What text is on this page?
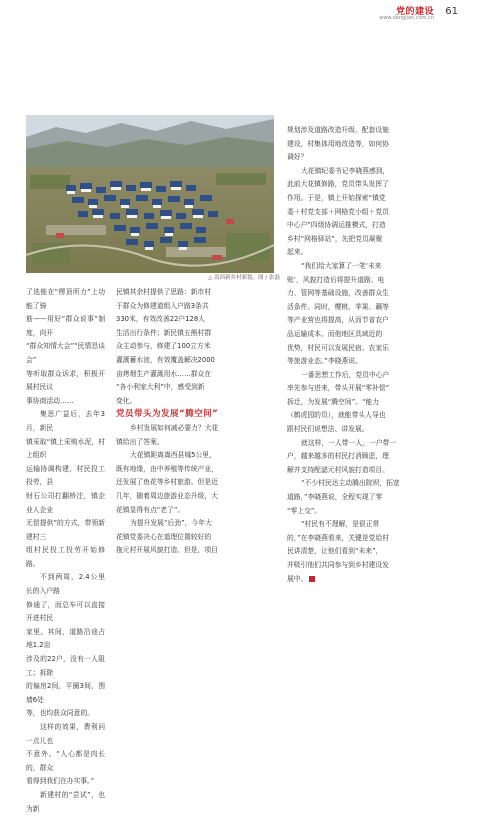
党的建设
www.dangjian.com.cn
61
△ 嵩西新乡村新貌。图 / 张磊

了选能在“楞顶所力”上功能了骑

筋——用好“群众说事”制度，向开

“群众知情大会”“民情恳谈会”

等听取群众诉求，积极开展村民议

事协商活动……

集思广益后，去年3月，新民

镇采取“镇上采购水泥，村上组织

运输协调构建，村民投工投劳，县

财石公司打翻桥注，镇企业人企业

无偿提供”的方式，带领新建村三

组村民投工投劳开始修路。

不到两周，2.4公里长的入户路

修通了，而总车可以直接开进村民

家里。其间，道路沿途占地1.2亩

涉及的22户，没有一人阻工；拆除

的偏房2间，平圈3间，围墙6处

等，也均获众同意的。

这样的效果，费利问一点儿也

不意外。“人心都是肉长的，群众

看得到我们在办实事。”

新建村的“尝试”，也为新

民镇其余村提供了思路：新市村

于群众为修建道组入户路3条共

330米，有效改善22户128人

生活出行条件；新民镇五熊村群

众主动参与，修建了100立方米

灌溉蓄水池，有效覆盖解决2000

亩烤烟生产灌溉用水……群众在

“各小利家大利”中，感受到新

变化。

党员带头为发展“腾空间”

乡村发展如何减必要力？大花

镇给出了答案。

大花镇距离嵩西县城5公里，

既有地缘，由中养殖等传统产业，

还发展了鱼花等乡村旅游。但是近

几年，随着周边旅游业态升级，大

花镇显得有点“老了”。

为提升发展“后劲”，今年大

花镇党委决心在道理位置较好的

拖元村开展风貌打造。但是，项目

规划涉及道路改造升级、配套设施

建设，村集体用地改造等，如何协

调好？

大花镇纪委书记李晓燕感到，

此前大花镇修路，党员带头发挥了

作用。于是，镇上开始探索“镇党

委＋村党支部＋网格党小组＋党员

中心户”四级协调运推模式，打造

乡村“网格驿站”，先把党员凝聚

起来。

“我们给大家算了一笔‘未来

账’，风貌打造后将提升道路、电

力、管网等基础设施，改善群众生

活条件。同时，樱桃、苹果、藕等

等产业营也将提高，从而节省农户

品运输成本。而他地区具域近的

优势，村民可以发展民宿、农家乐

等旅游业态。”李晓燕说。

一番思想工作后，党员中心户

率先参与进来，带头开展“零补偿”

拆迁，为发展“腾空间”。“能力

（鹤虎园的员），就能带头人导也

跟村民们说想法、讲发展。

就这样，一人带一人，一户带一

户，越来越多的村民打消顾虑，理

解并支持配滤元村风貌打造项目。

“不少村民达主动腾出院坝，拓宽

道路，”李晓燕说，全程实现了零

“零上交”。

“村民有不理解，是很正常

的，”在李晓燕看来，关键是党给村

民讲清楚，让他们看到“未来”，

并吸引他们共同参与到乡村建设发

展中。
